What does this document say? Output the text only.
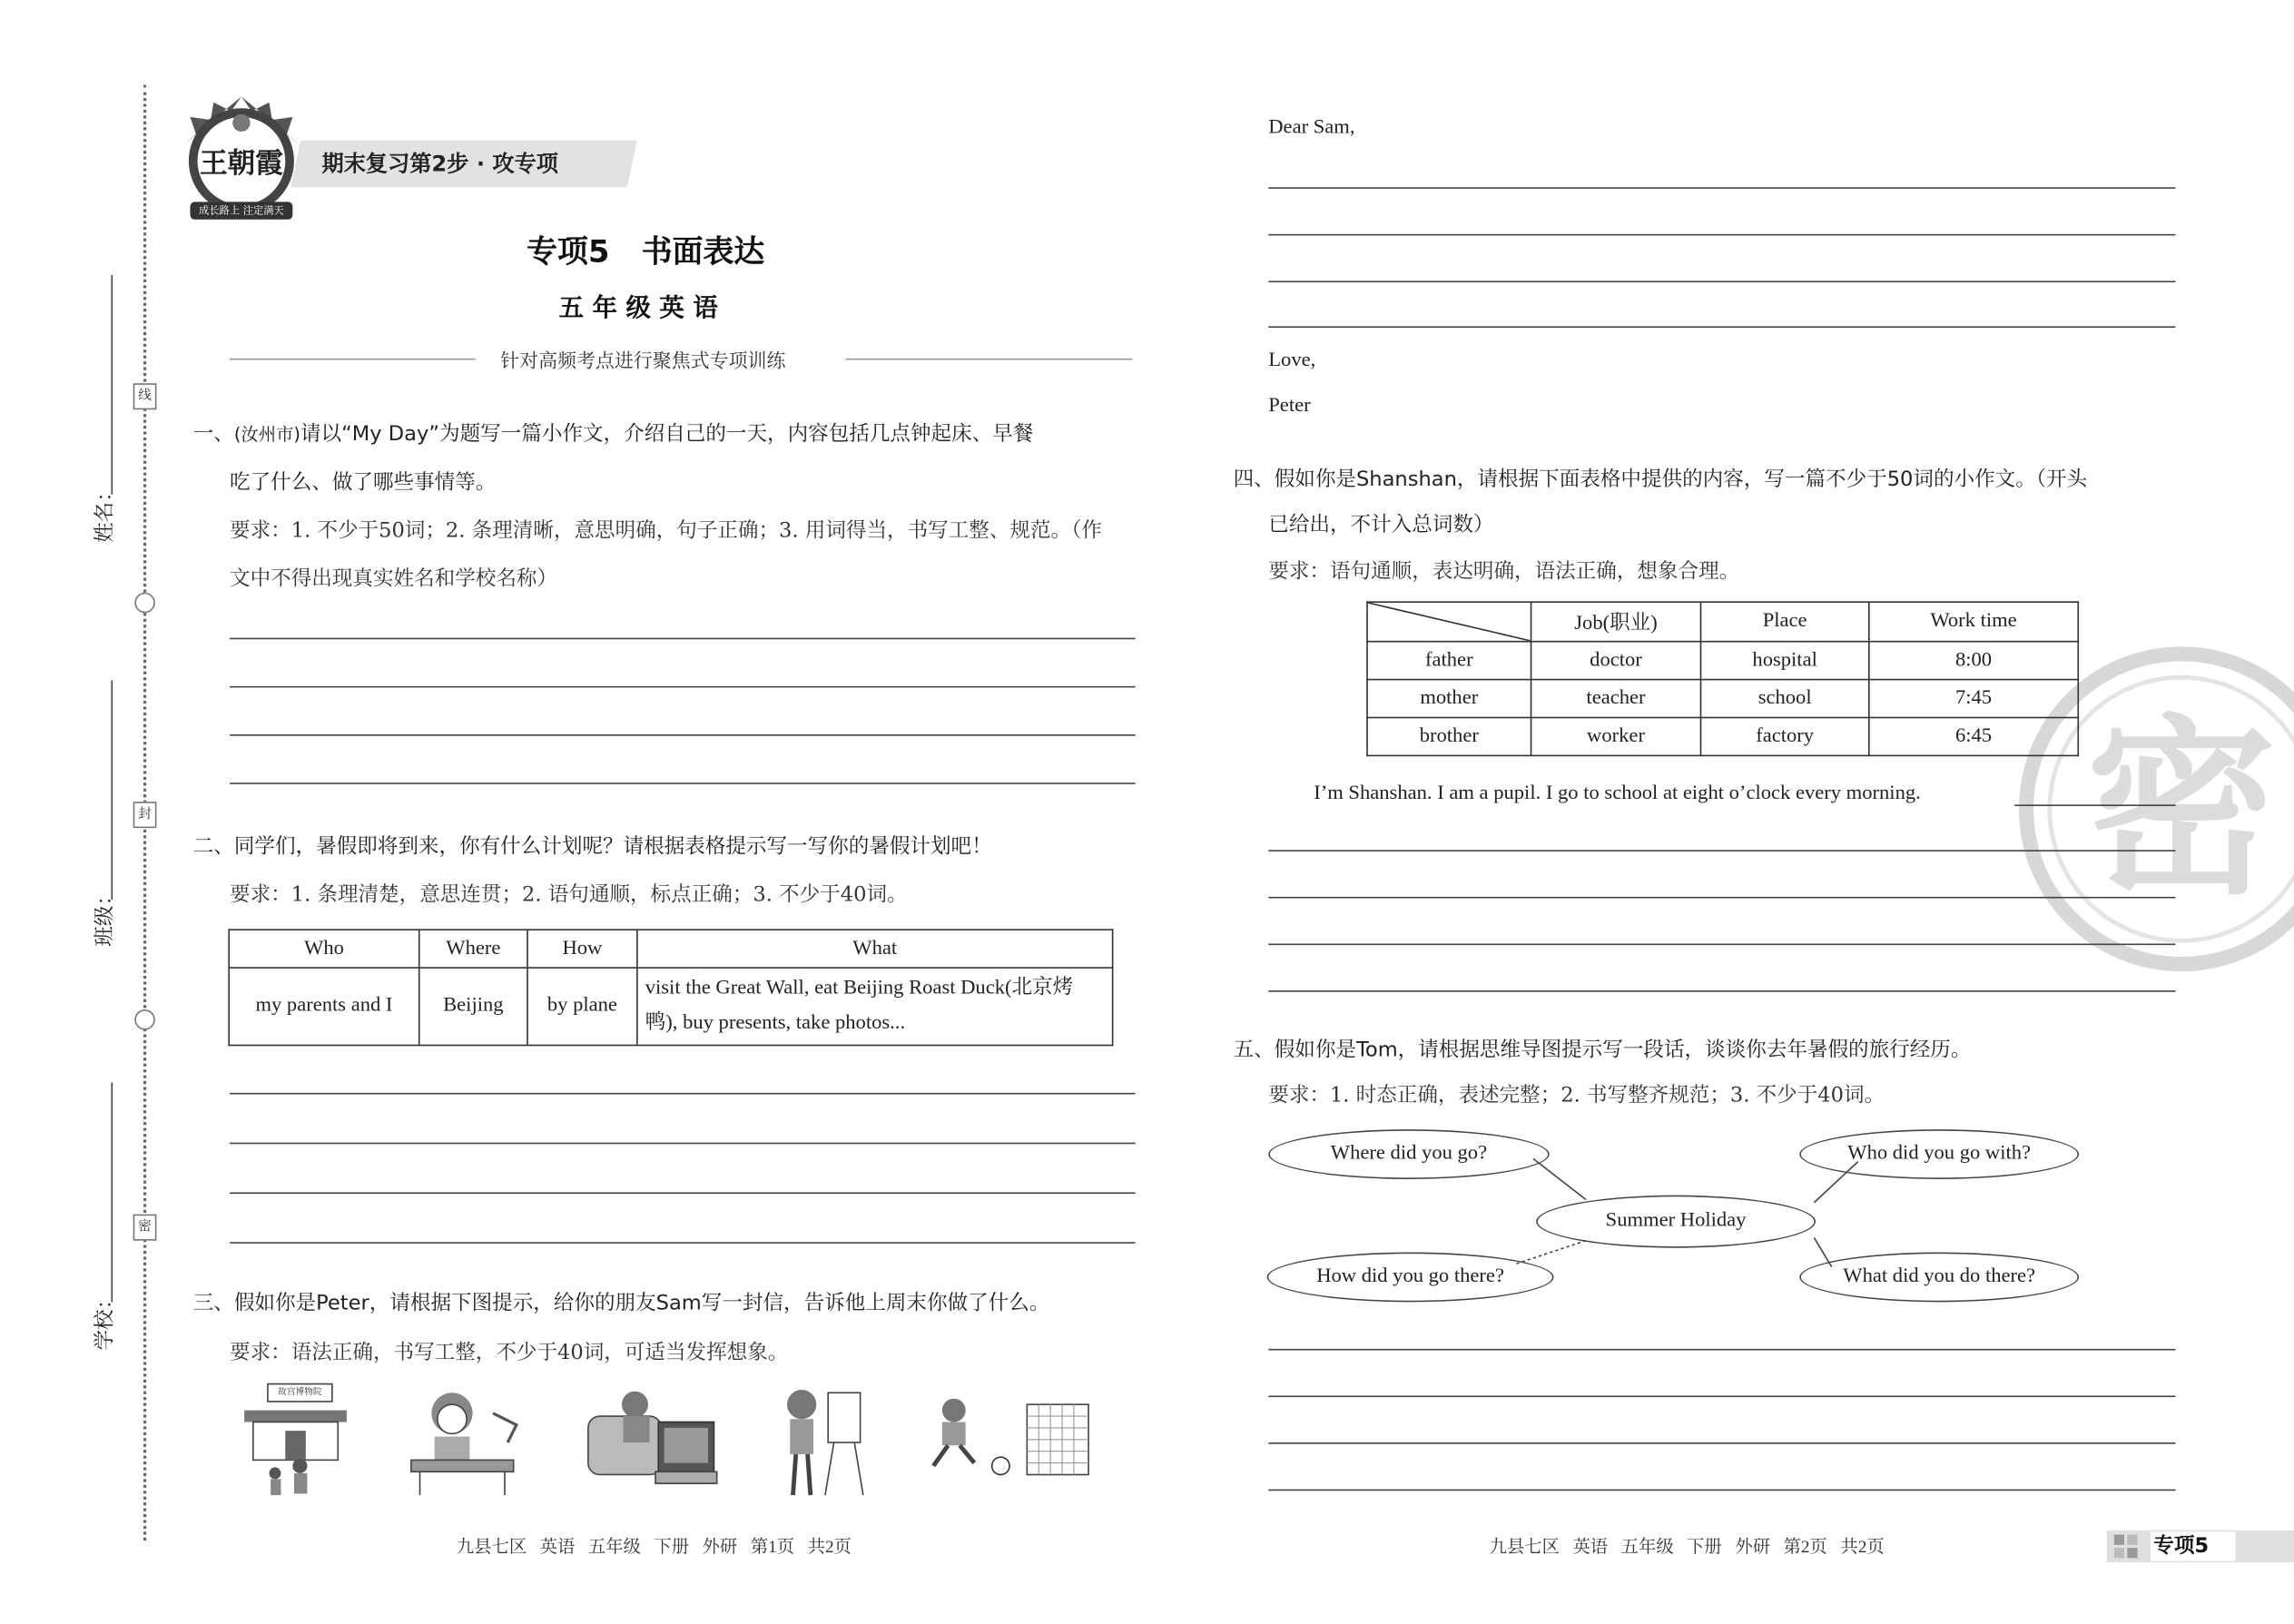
线
封
密
姓名：
班级：
学校：
王朝霞
成长路上 注定满天
期末复习第2步 · 攻专项
专项5   书面表达
五 年 级 英 语
针对高频考点进行聚焦式专项训练
一、(汝州市)请以“My Day”为题写一篇小作文，介绍自己的一天，内容包括几点钟起床、早餐
吃了什么、做了哪些事情等。
要求：1. 不少于50词；2. 条理清晰，意思明确，句子正确；3. 用词得当，书写工整、规范。（作
文中不得出现真实姓名和学校名称）
二、同学们，暑假即将到来，你有什么计划呢？请根据表格提示写一写你的暑假计划吧！
要求：1. 条理清楚，意思连贯；2. 语句通顺，标点正确；3. 不少于40词。
Who	Where	How	What
my parents and I	Beijing	by plane	visit the Great Wall, eat Beijing Roast Duck(北京烤鸭), buy presents, take photos...
三、假如你是Peter，请根据下图提示，给你的朋友Sam写一封信，告诉他上周末你做了什么。
要求：语法正确，书写工整，不少于40词，可适当发挥想象。
故宫博物院
九县七区   英语   五年级   下册   外研   第1页   共2页
Dear Sam,
Love,
Peter
密
四、假如你是Shanshan，请根据下面表格中提供的内容，写一篇不少于50词的小作文。（开头
已给出，不计入总词数）
要求：语句通顺，表达明确，语法正确，想象合理。
	Job(职业)	Place	Work time
father	doctor	hospital	8:00
mother	teacher	school	7:45
brother	worker	factory	6:45
I’m Shanshan. I am a pupil. I go to school at eight o’clock every morning.
五、假如你是Tom，请根据思维导图提示写一段话，谈谈你去年暑假的旅行经历。
要求：1. 时态正确，表述完整；2. 书写整齐规范；3. 不少于40词。
Summer Holiday
Where did you go?	Who did you go with?
How did you go there?	What did you do there?
九县七区   英语   五年级   下册   外研   第2页   共2页	专项5
